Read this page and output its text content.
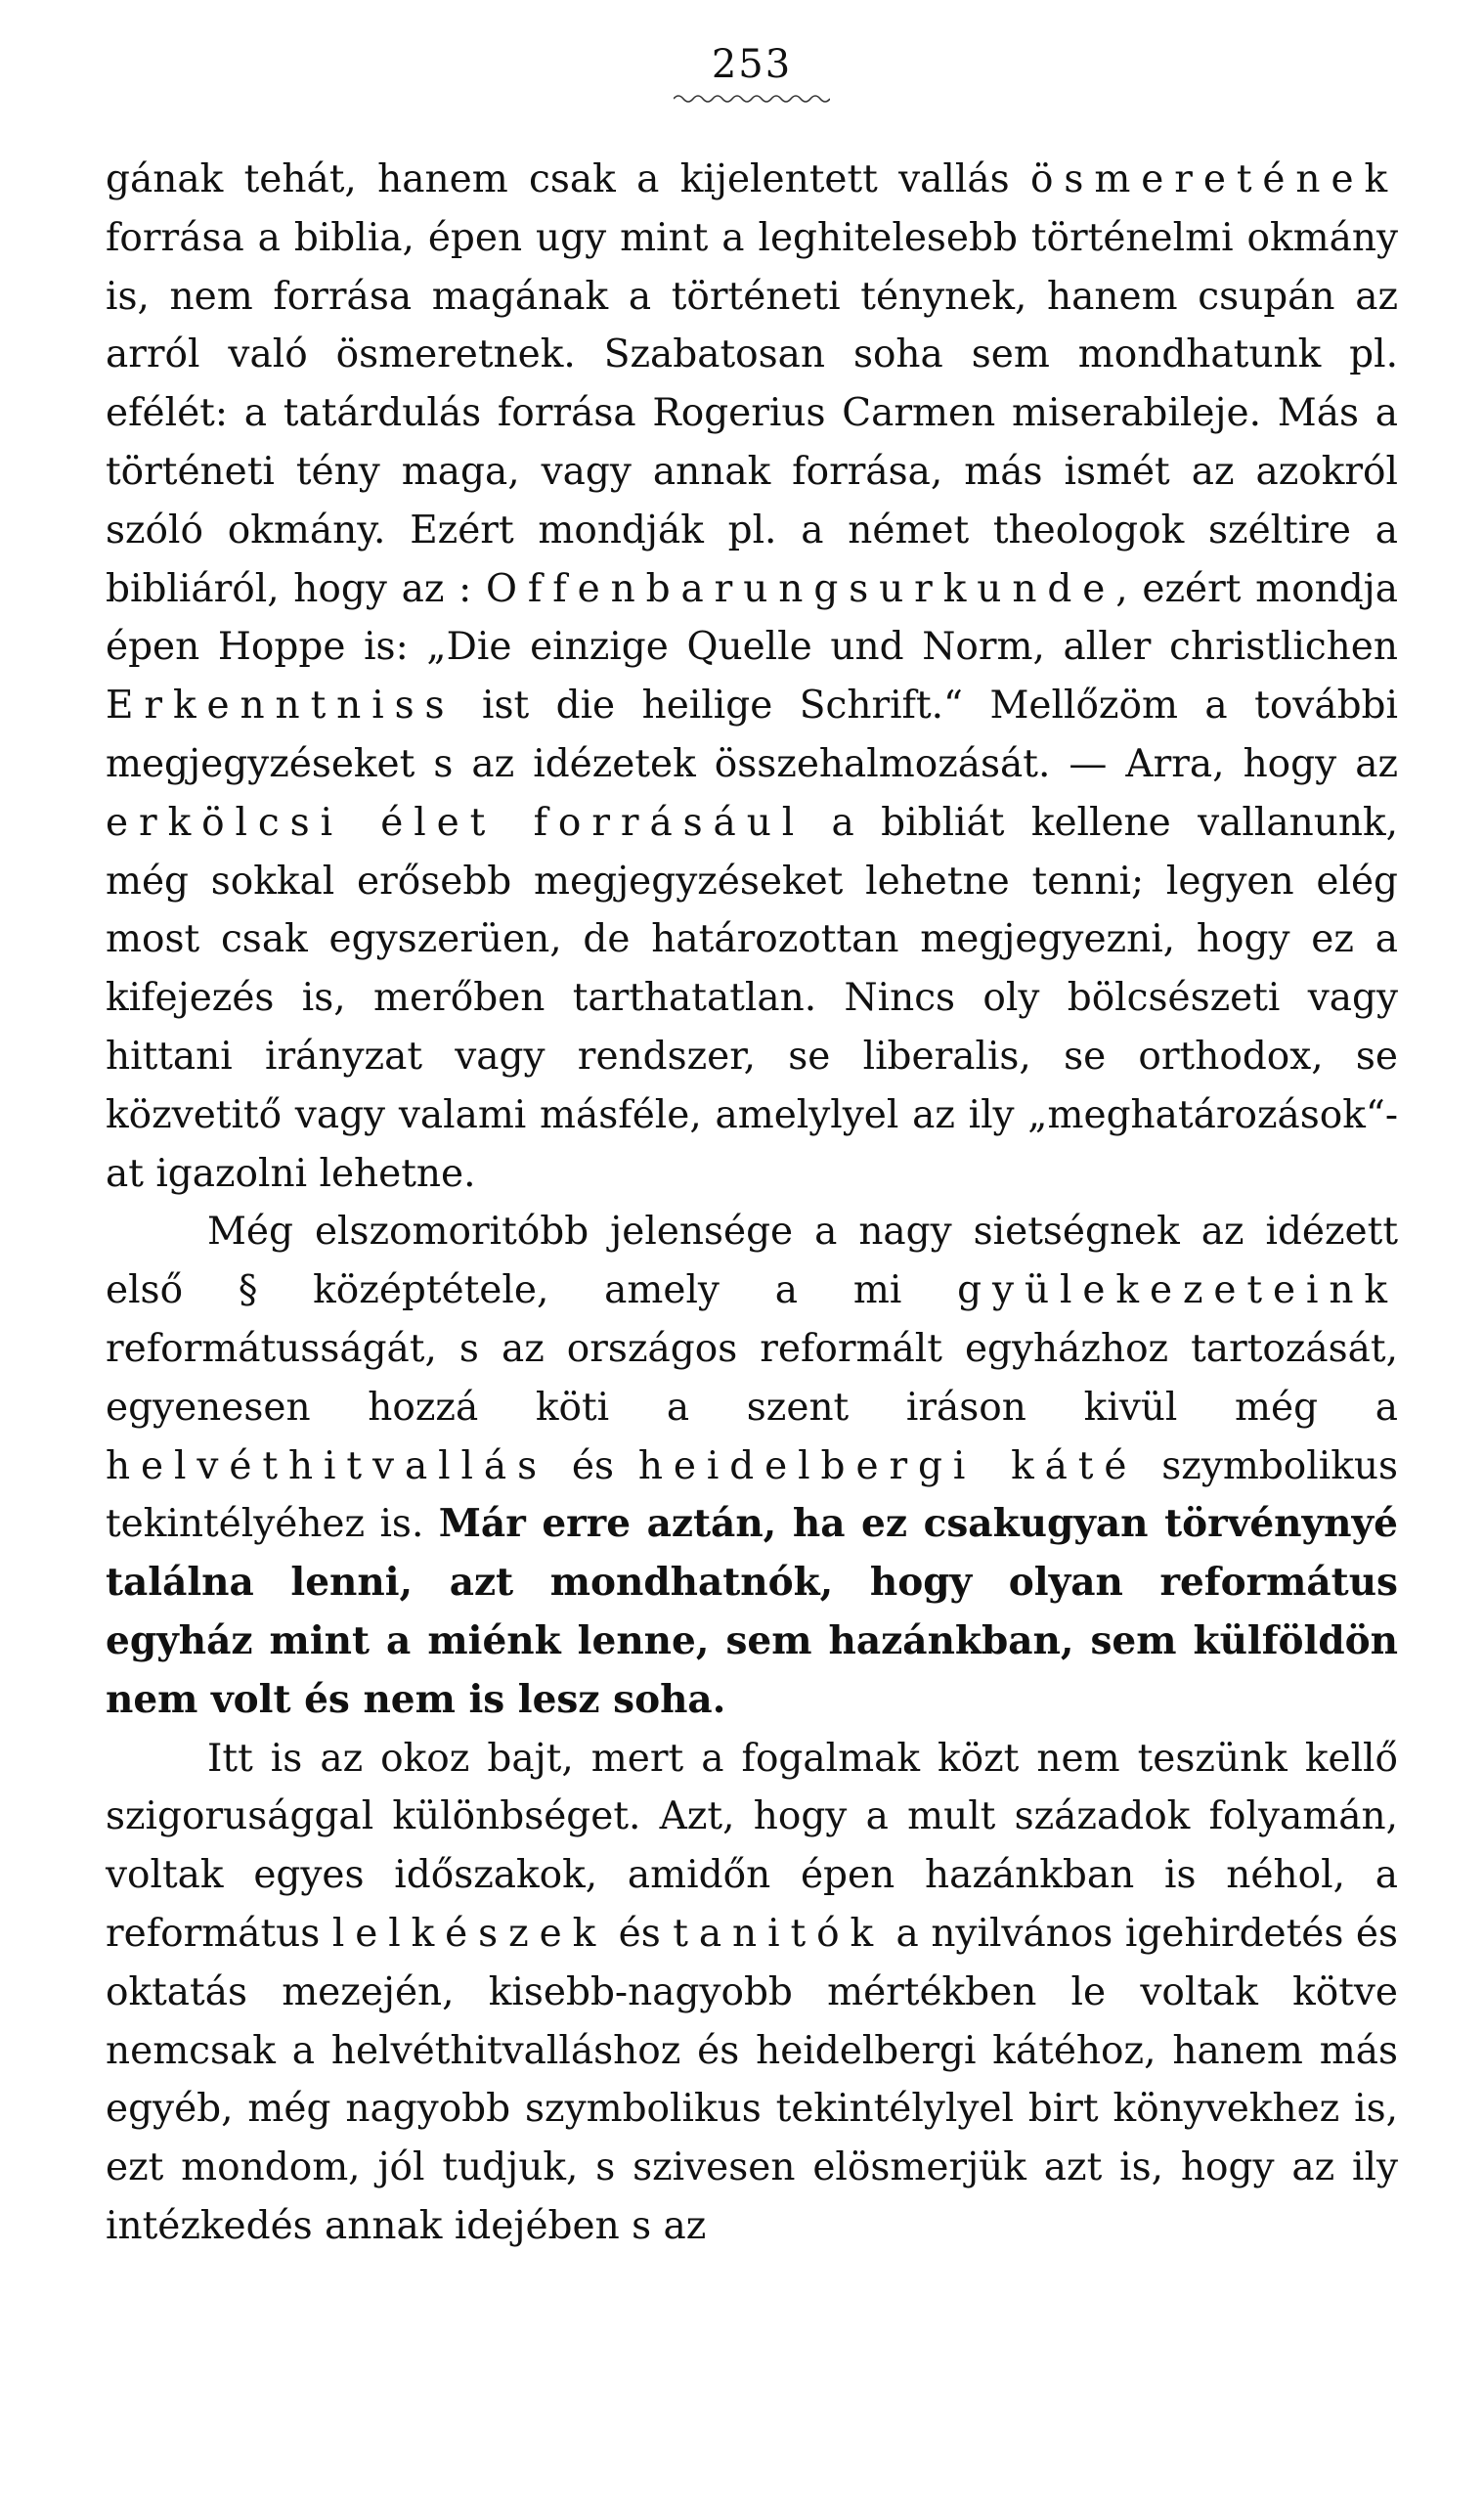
253

gának tehát, hanem csak a kijelentett vallás ösmeretének forrása a biblia, épen ugy mint a leghitelesebb történelmi okmány is, nem forrása magának a történeti ténynek, hanem csupán az arról való ösmeretnek. Szabatosan soha sem mondhatunk pl. efélét: a tatárdulás forrása Rogerius Carmen miserabileje. Más a történeti tény maga, vagy annak forrása, más ismét az azokról szóló okmány. Ezért mondják pl. a német theologok széltire a bibliáról, hogy az : Offenbarungsurkunde, ezért mondja épen Hoppe is: „Die einzige Quelle und Norm, aller christlichen Erkenntniss ist die heilige Schrift.“ Mellőzöm a további megjegyzéseket s az idézetek összehalmozását. — Arra, hogy az erkölcsi élet forrásául a bibliát kellene vallanunk, még sokkal erősebb megjegyzéseket lehetne tenni; legyen elég most csak egyszerüen, de határozottan megjegyezni, hogy ez a kifejezés is, merőben tarthatatlan. Nincs oly bölcsészeti vagy hittani irányzat vagy rendszer, se liberalis, se orthodox, se közvetitő vagy valami másféle, amelylyel az ily „meghatározások“-at igazolni lehetne.

Még elszomoritóbb jelensége a nagy sietségnek az idézett első § középtétele, amely a mi gyülekezeteink reformátusságát, s az országos reformált egyházhoz tartozását, egyenesen hozzá köti a szent iráson kivül még a helvéthitvallás és heidelbergi káté szymbolikus tekintélyéhez is. Már erre aztán, ha ez csakugyan törvénynyé találna lenni, azt mondhatnók, hogy olyan református egyház mint a miénk lenne, sem hazánkban, sem külföldön nem volt és nem is lesz soha.

Itt is az okoz bajt, mert a fogalmak közt nem teszünk kellő szigorusággal különbséget. Azt, hogy a mult századok folyamán, voltak egyes időszakok, amidőn épen hazánkban is néhol, a református lelkészek és tanitók a nyilvános igehirdetés és oktatás mezején, kisebb-nagyobb mértékben le voltak kötve nemcsak a helvéthitvalláshoz és heidelbergi kátéhoz, hanem más egyéb, még nagyobb szymbolikus tekintélylyel birt könyvekhez is, ezt mondom, jól tudjuk, s szivesen elösmerjük azt is, hogy az ily intézkedés annak idejében s az
